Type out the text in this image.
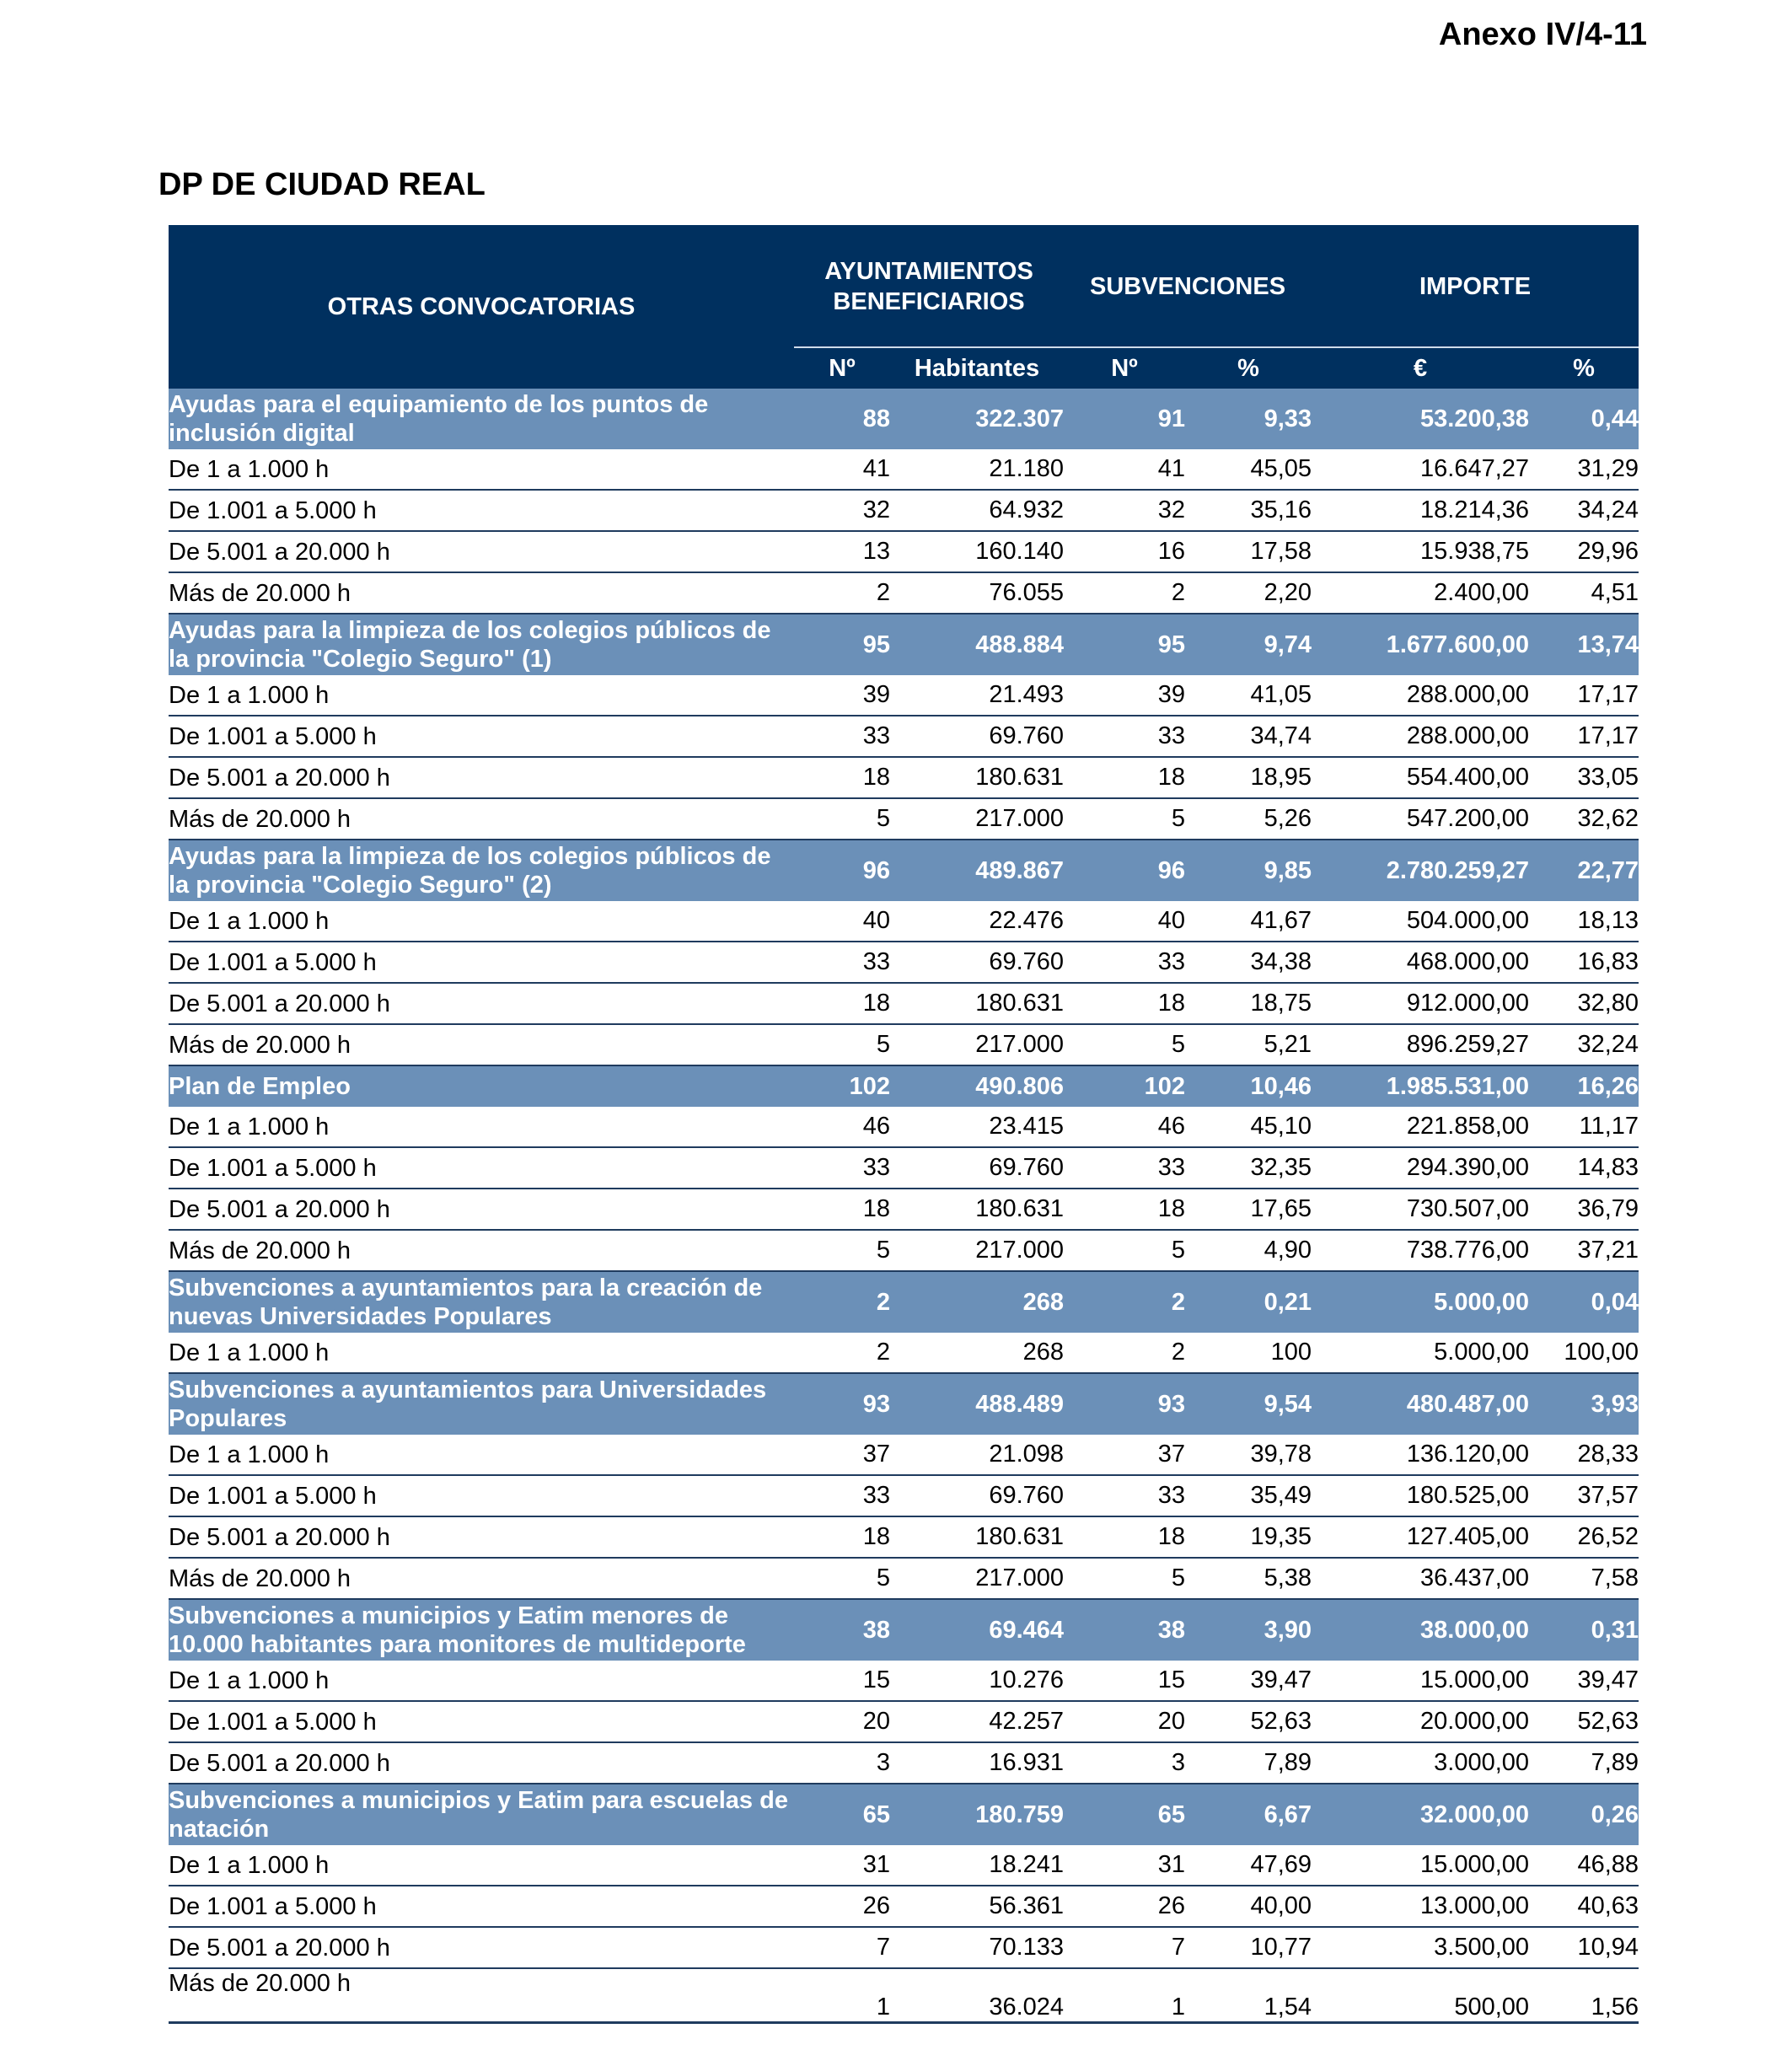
Anexo IV/4-11
DP DE CIUDAD REAL
OTRAS CONVOCATORIAS	AYUNTAMIENTOS
BENEFICIARIOS		SUBVENCIONES		IMPORTE	

	Nº	Habitantes	Nº	%	€	%
Ayudas para el equipamiento de los puntos de inclusión digital	88	322.307	91	9,33	53.200,38	0,44
De 1 a 1.000 h	41	21.180	41	45,05	16.647,27	31,29
De 1.001 a 5.000 h	32	64.932	32	35,16	18.214,36	34,24
De 5.001 a 20.000 h	13	160.140	16	17,58	15.938,75	29,96
Más de 20.000 h	2	76.055	2	2,20	2.400,00	4,51
Ayudas para la limpieza de los colegios públicos de la provincia "Colegio Seguro" (1)	95	488.884	95	9,74	1.677.600,00	13,74
De 1 a 1.000 h	39	21.493	39	41,05	288.000,00	17,17
De 1.001 a 5.000 h	33	69.760	33	34,74	288.000,00	17,17
De 5.001 a 20.000 h	18	180.631	18	18,95	554.400,00	33,05
Más de 20.000 h	5	217.000	5	5,26	547.200,00	32,62
Ayudas para la limpieza de los colegios públicos de la provincia "Colegio Seguro" (2)	96	489.867	96	9,85	2.780.259,27	22,77
De 1 a 1.000 h	40	22.476	40	41,67	504.000,00	18,13
De 1.001 a 5.000 h	33	69.760	33	34,38	468.000,00	16,83
De 5.001 a 20.000 h	18	180.631	18	18,75	912.000,00	32,80
Más de 20.000 h	5	217.000	5	5,21	896.259,27	32,24
Plan de Empleo	102	490.806	102	10,46	1.985.531,00	16,26
De 1 a 1.000 h	46	23.415	46	45,10	221.858,00	11,17
De 1.001 a 5.000 h	33	69.760	33	32,35	294.390,00	14,83
De 5.001 a 20.000 h	18	180.631	18	17,65	730.507,00	36,79
Más de 20.000 h	5	217.000	5	4,90	738.776,00	37,21
Subvenciones a ayuntamientos para la creación de nuevas Universidades Populares	2	268	2	0,21	5.000,00	0,04
De 1 a 1.000 h	2	268	2	100	5.000,00	100,00
Subvenciones a ayuntamientos para Universidades Populares	93	488.489	93	9,54	480.487,00	3,93
De 1 a 1.000 h	37	21.098	37	39,78	136.120,00	28,33
De 1.001 a 5.000 h	33	69.760	33	35,49	180.525,00	37,57
De 5.001 a 20.000 h	18	180.631	18	19,35	127.405,00	26,52
Más de 20.000 h	5	217.000	5	5,38	36.437,00	7,58
Subvenciones a municipios y Eatim menores de 10.000 habitantes para monitores de multideporte	38	69.464	38	3,90	38.000,00	0,31
De 1 a 1.000 h	15	10.276	15	39,47	15.000,00	39,47
De 1.001 a 5.000 h	20	42.257	20	52,63	20.000,00	52,63
De 5.001 a 20.000 h	3	16.931	3	7,89	3.000,00	7,89
Subvenciones a municipios y Eatim para escuelas de natación	65	180.759	65	6,67	32.000,00	0,26
De 1 a 1.000 h	31	18.241	31	47,69	15.000,00	46,88
De 1.001 a 5.000 h	26	56.361	26	40,00	13.000,00	40,63
De 5.001 a 20.000 h	7	70.133	7	10,77	3.500,00	10,94
Más de 20.000 h	1	36.024	1	1,54	500,00	1,56
